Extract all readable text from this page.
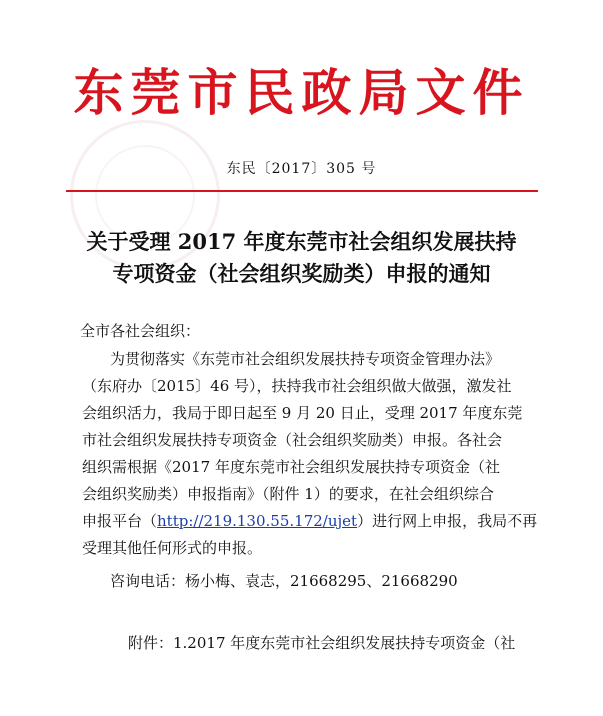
东莞市民政局文件
东民〔2017〕305 号
关于受理 2017 年度东莞市社会组织发展扶持
专项资金（社会组织奖励类）申报的通知
全市各社会组织：
为贯彻落实《东莞市社会组织发展扶持专项资金管理办法》
（东府办〔2015〕46 号），扶持我市社会组织做大做强，激发社
会组织活力，我局于即日起至 9 月 20 日止，受理 2017 年度东莞
市社会组织发展扶持专项资金（社会组织奖励类）申报。各社会
组织需根据《2017 年度东莞市社会组织发展扶持专项资金（社
会组织奖励类）申报指南》（附件 1）的要求，在社会组织综合
申报平台（http://219.130.55.172/ujet）进行网上申报，我局不再
受理其他任何形式的申报。
咨询电话：杨小梅、袁志，21668295、21668290
附件：1.2017 年度东莞市社会组织发展扶持专项资金（社
